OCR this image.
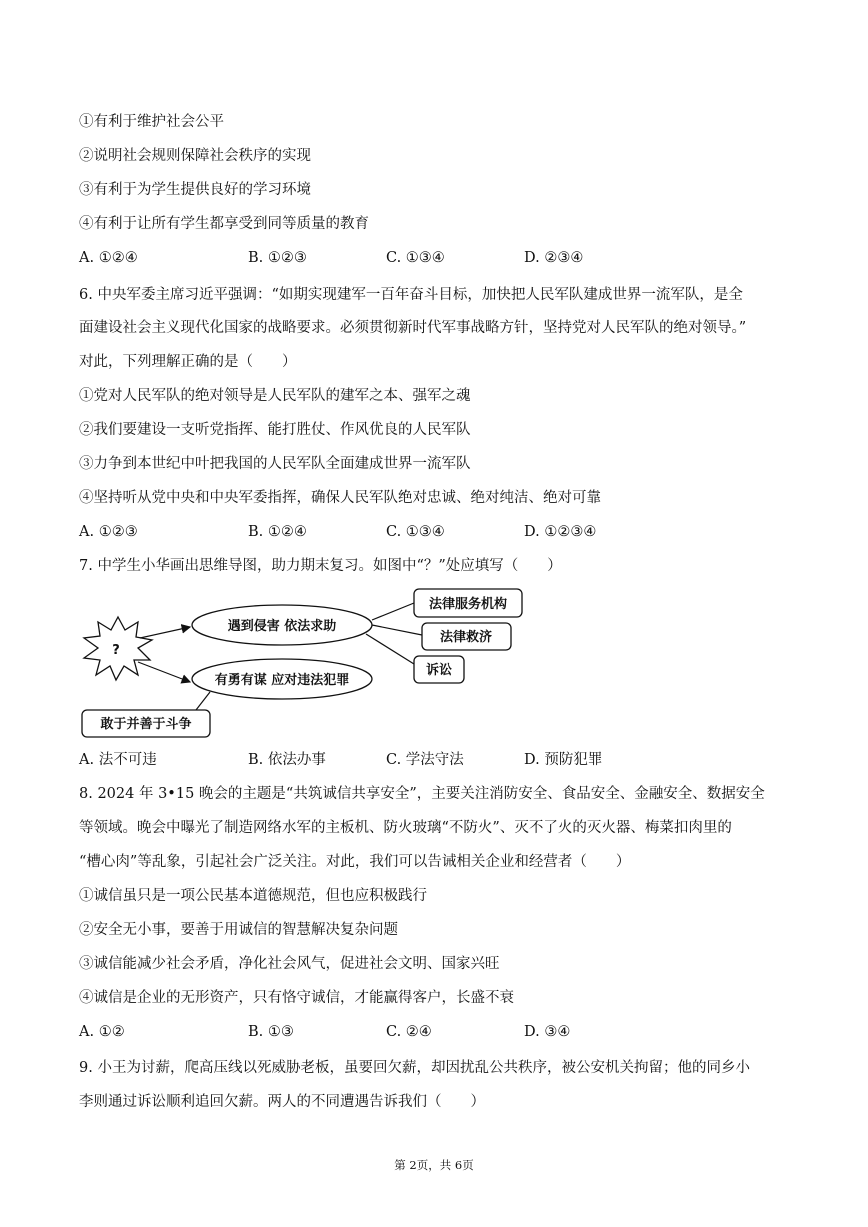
①有利于维护社会公平
②说明社会规则保障社会秩序的实现
③有利于为学生提供良好的学习环境
④有利于让所有学生都享受到同等质量的教育
A. ①②④	B. ①②③	C. ①③④	D. ②③④
6. 中央军委主席习近平强调：“如期实现建军一百年奋斗目标，加快把人民军队建成世界一流军队，是全
面建设社会主义现代化国家的战略要求。必须贯彻新时代军事战略方针，坚持党对人民军队的绝对领导。”
对此，下列理解正确的是（　　）
①党对人民军队的绝对领导是人民军队的建军之本、强军之魂
②我们要建设一支听党指挥、能打胜仗、作风优良的人民军队
③力争到本世纪中叶把我国的人民军队全面建成世界一流军队
④坚持听从党中央和中央军委指挥，确保人民军队绝对忠诚、绝对纯洁、绝对可靠
A. ①②③	B. ①②④	C. ①③④	D. ①②③④
7. 中学生小华画出思维导图，助力期末复习。如图中“？”处应填写（　　）
?
遇到侵害 依法求助
有勇有谋 应对违法犯罪
法律服务机构
法律救济
诉讼
敢于并善于斗争
A. 法不可违	B. 依法办事	C. 学法守法	D. 预防犯罪
8. 2024 年 3•15 晚会的主题是“共筑诚信共享安全”，主要关注消防安全、食品安全、金融安全、数据安全
等领域。晚会中曝光了制造网络水军的主板机、防火玻璃“不防火”、灭不了火的灭火器、梅菜扣肉里的
“槽心肉”等乱象，引起社会广泛关注。对此，我们可以告诫相关企业和经营者（　　）
①诚信虽只是一项公民基本道德规范，但也应积极践行
②安全无小事，要善于用诚信的智慧解决复杂问题
③诚信能减少社会矛盾，净化社会风气，促进社会文明、国家兴旺
④诚信是企业的无形资产，只有恪守诚信，才能赢得客户，长盛不衰
A. ①②	B. ①③	C. ②④	D. ③④
9. 小王为讨薪，爬高压线以死威胁老板，虽要回欠薪，却因扰乱公共秩序，被公安机关拘留；他的同乡小
李则通过诉讼顺利追回欠薪。两人的不同遭遇告诉我们（　　）
第 2页，共 6页
